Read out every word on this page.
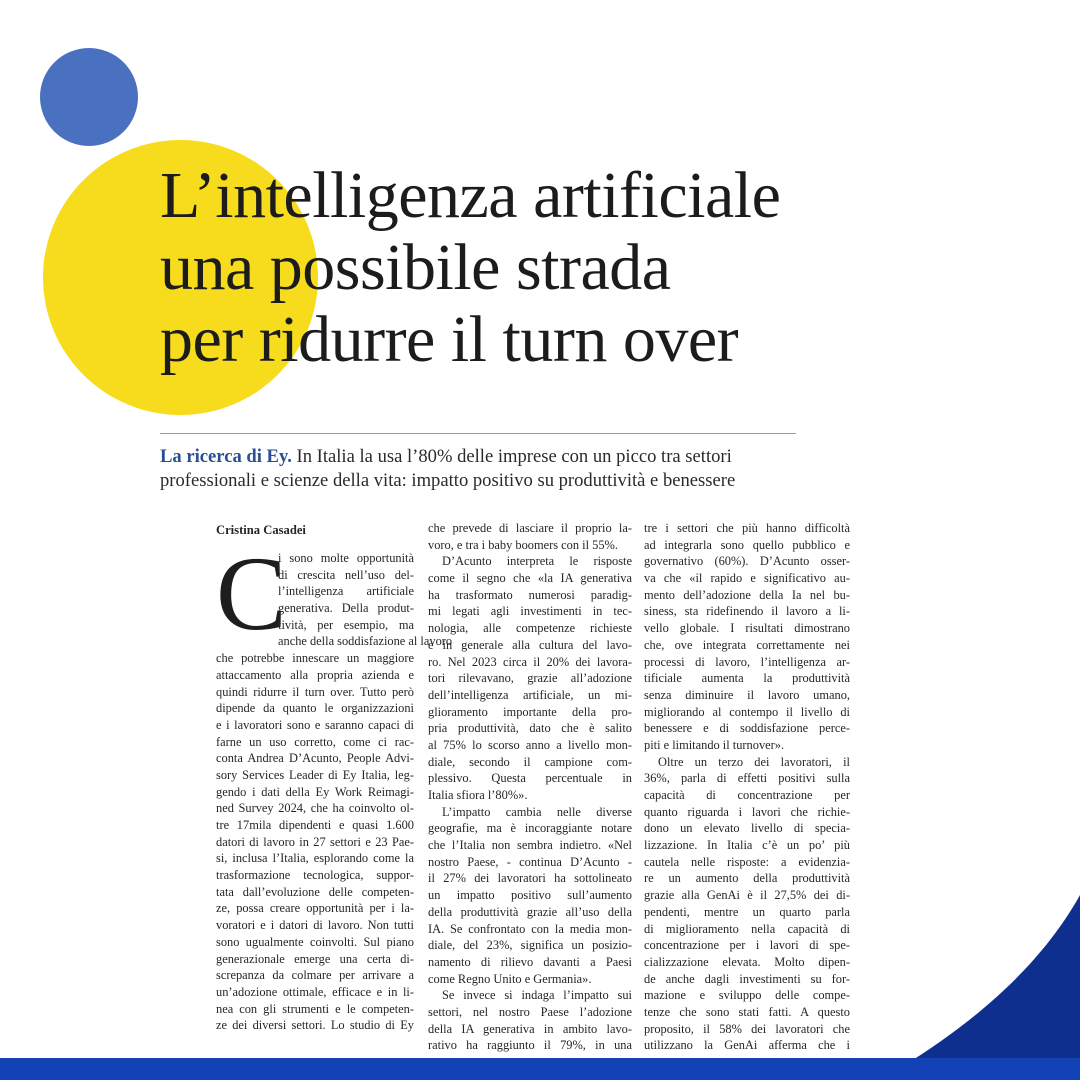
L’intelligenza artificiale
una possibile strada
per ridurre il turn over

La ricerca di Ey. In Italia la usa l’80% delle imprese con un picco tra settori
professionali e scienze della vita: impatto positivo su produttività e benessere

Cristina Casadei
C
i sono molte opportunità
di crescita nell’uso del-
l’intelligenza artificiale
generativa. Della produt-
tività, per esempio, ma
anche della soddisfazione al lavoro
che potrebbe innescare un maggiore
attaccamento alla propria azienda e
quindi ridurre il turn over. Tutto però
dipende da quanto le organizzazioni
e i lavoratori sono e saranno capaci di
farne un uso corretto, come ci rac-
conta Andrea D’Acunto, People Advi-
sory Services Leader di Ey Italia, leg-
gendo i dati della Ey Work Reimagi-
ned Survey 2024, che ha coinvolto ol-
tre 17mila dipendenti e quasi 1.600
datori di lavoro in 27 settori e 23 Pae-
si, inclusa l’Italia, esplorando come la
trasformazione tecnologica, suppor-
tata dall’evoluzione delle competen-
ze, possa creare opportunità per i la-
voratori e i datori di lavoro. Non tutti
sono ugualmente coinvolti. Sul piano
generazionale emerge una certa di-
screpanza da colmare per arrivare a
un’adozione ottimale, efficace e in li-
nea con gli strumenti e le competen-
ze dei diversi settori. Lo studio di Ey
che prevede di lasciare il proprio la-
voro, e tra i baby boomers con il 55%.
D’Acunto interpreta le risposte
come il segno che «la IA generativa
ha trasformato numerosi paradig-
mi legati agli investimenti in tec-
nologia, alle competenze richieste
e in generale alla cultura del lavo-
ro. Nel 2023 circa il 20% dei lavora-
tori rilevavano, grazie all’adozione
dell’intelligenza artificiale, un mi-
glioramento importante della pro-
pria produttività, dato che è salito
al 75% lo scorso anno a livello mon-
diale, secondo il campione com-
plessivo. Questa percentuale in
Italia sfiora l’80%».
L’impatto cambia nelle diverse
geografie, ma è incoraggiante notare
che l’Italia non sembra indietro. «Nel
nostro Paese, - continua D’Acunto -
il 27% dei lavoratori ha sottolineato
un impatto positivo sull’aumento
della produttività grazie all’uso della
IA. Se confrontato con la media mon-
diale, del 23%, significa un posizio-
namento di rilievo davanti a Paesi
come Regno Unito e Germania».
Se invece si indaga l’impatto sui
settori, nel nostro Paese l’adozione
della IA generativa in ambito lavo-
rativo ha raggiunto il 79%, in una
tre i settori che più hanno difficoltà
ad integrarla sono quello pubblico e
governativo (60%). D’Acunto osser-
va che «il rapido e significativo au-
mento dell’adozione della Ia nel bu-
siness, sta ridefinendo il lavoro a li-
vello globale. I risultati dimostrano
che, ove integrata correttamente nei
processi di lavoro, l’intelligenza ar-
tificiale aumenta la produttività
senza diminuire il lavoro umano,
migliorando al contempo il livello di
benessere e di soddisfazione perce-
piti e limitando il turnover».
Oltre un terzo dei lavoratori, il
36%, parla di effetti positivi sulla
capacità di concentrazione per
quanto riguarda i lavori che richie-
dono un elevato livello di specia-
lizzazione. In Italia c’è un po’ più
cautela nelle risposte: a evidenzia-
re un aumento della produttività
grazie alla GenAi è il 27,5% dei di-
pendenti, mentre un quarto parla
di miglioramento nella capacità di
concentrazione per i lavori di spe-
cializzazione elevata. Molto dipen-
de anche dagli investimenti su for-
mazione e sviluppo delle compe-
tenze che sono stati fatti. A questo
proposito, il 58% dei lavoratori che
utilizzano la GenAi afferma che i
